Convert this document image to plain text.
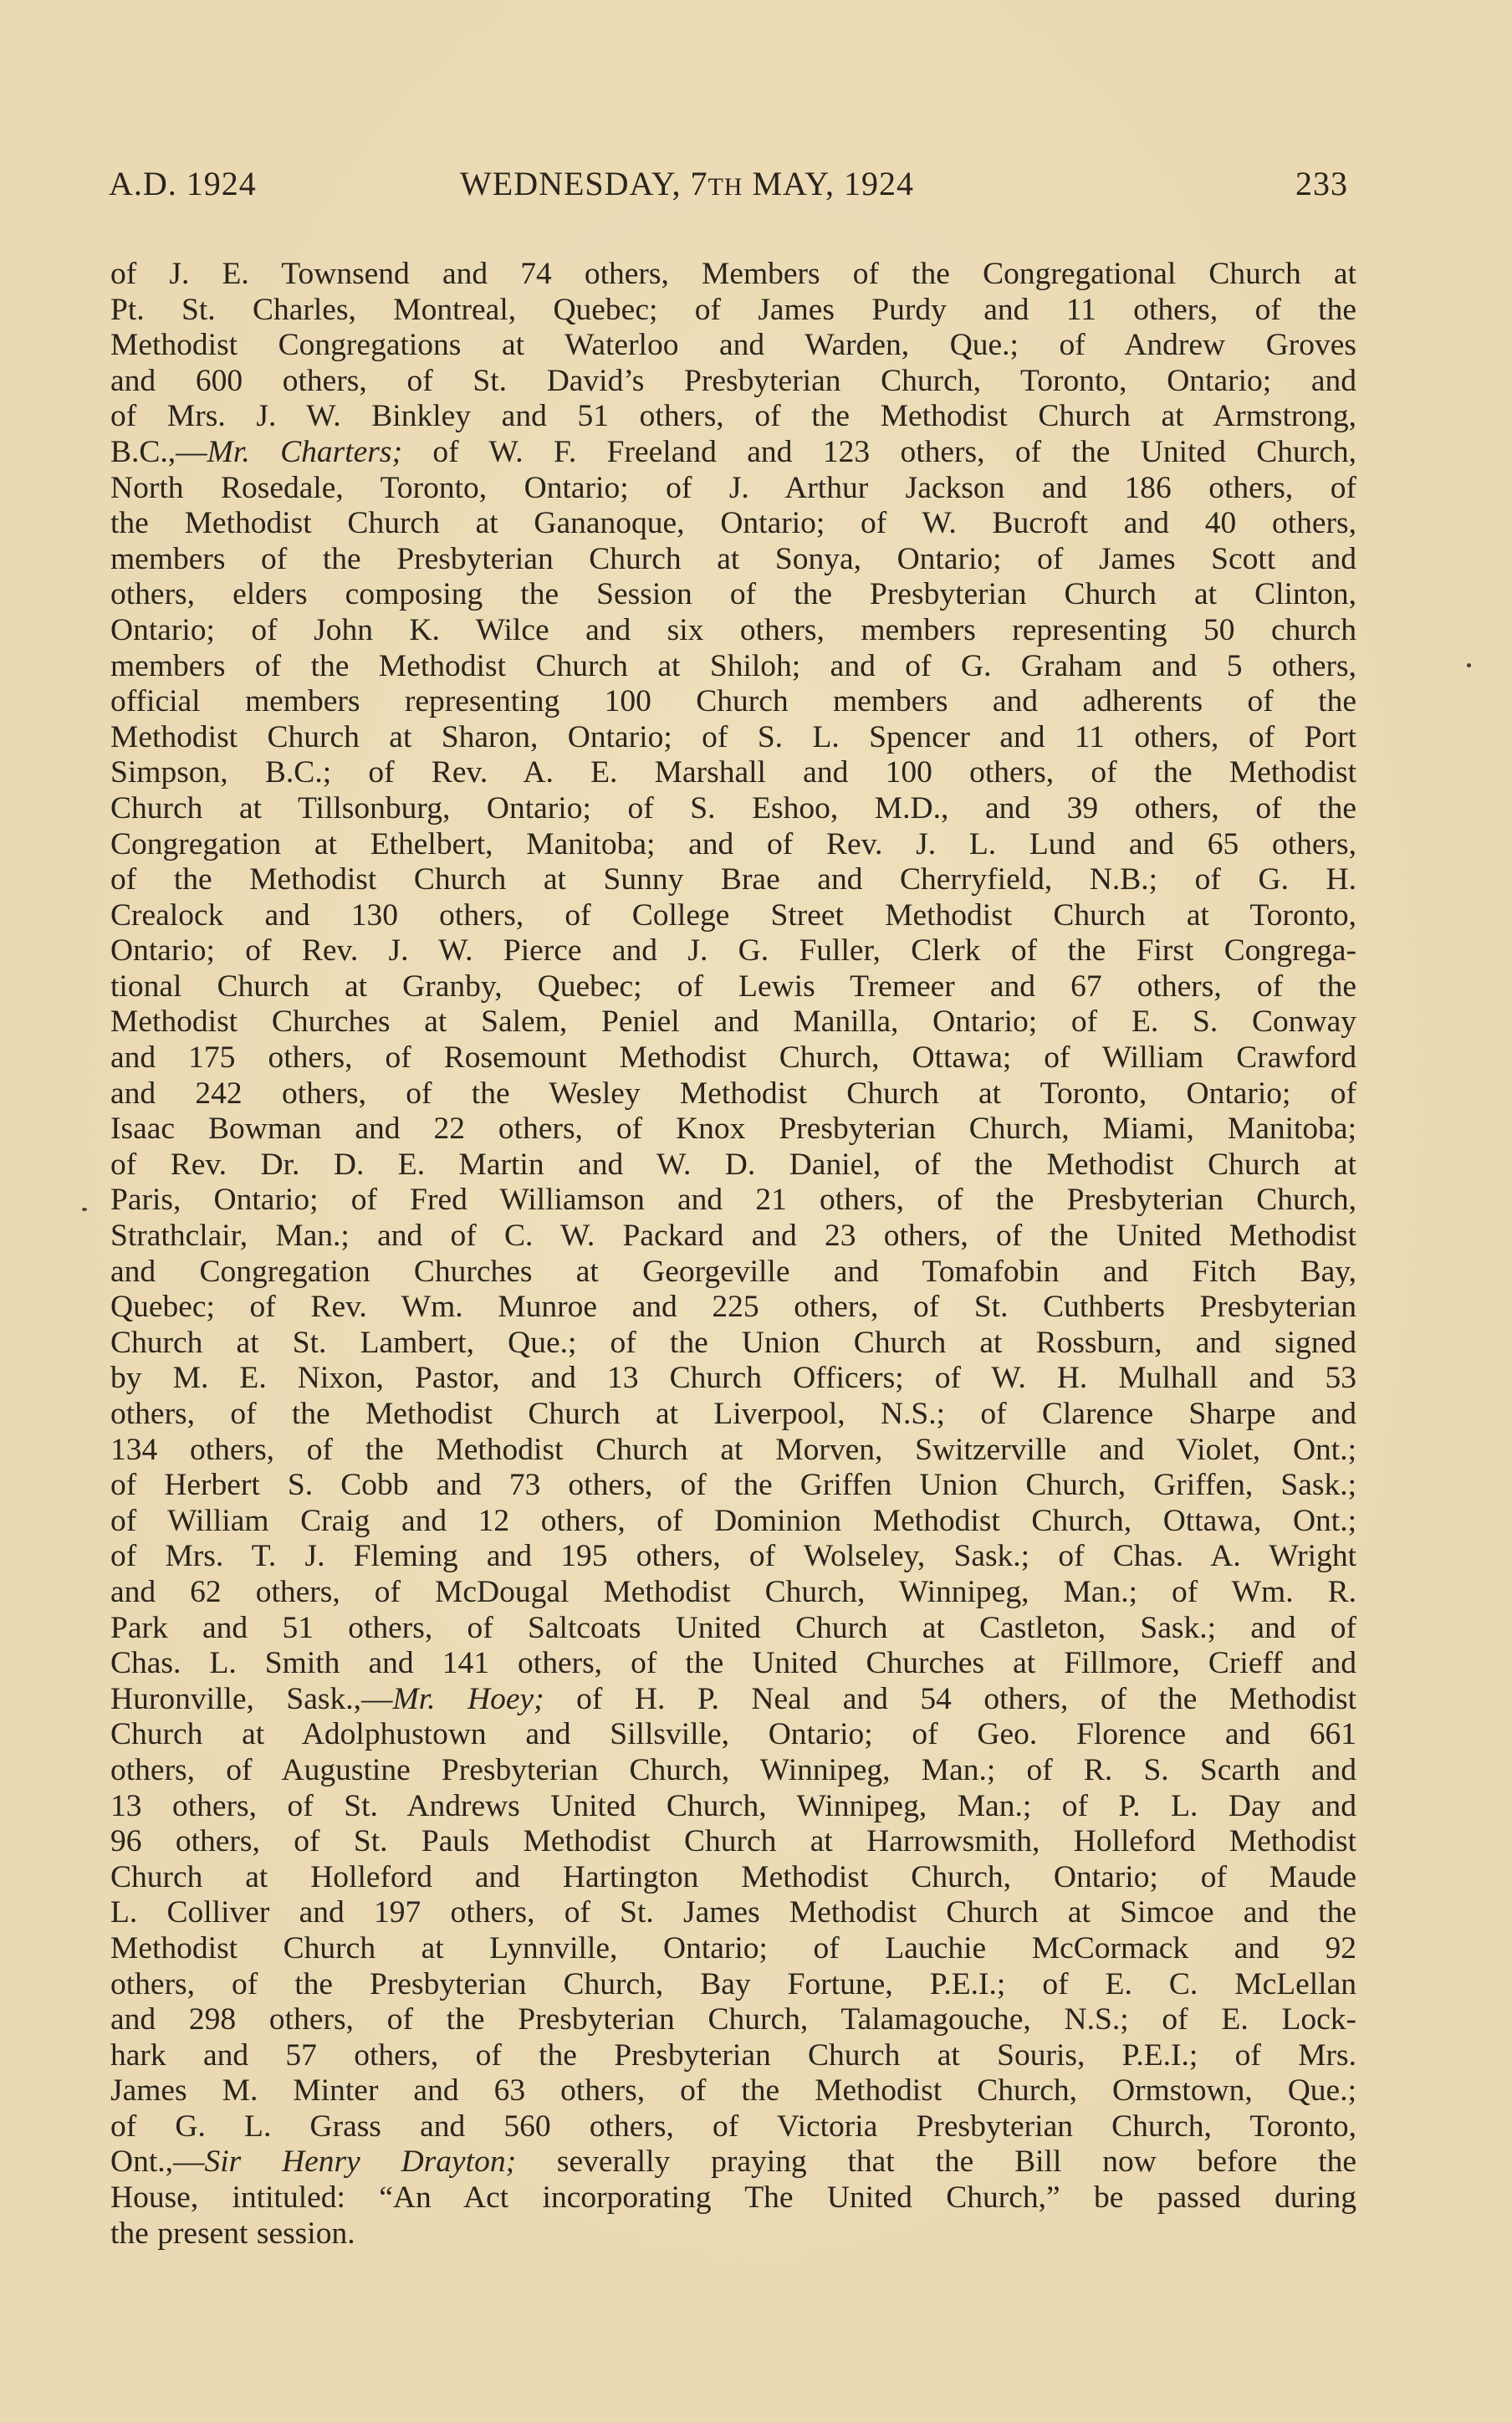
A.D. 1924	WEDNESDAY, 7TH MAY, 1924	233
of J. E. Townsend and 74 others, Members of the Congregational Church at
Pt. St. Charles, Montreal, Quebec; of James Purdy and 11 others, of the
Methodist Congregations at Waterloo and Warden, Que.; of Andrew Groves
and 600 others, of St. David’s Presbyterian Church, Toronto, Ontario; and
of Mrs. J. W. Binkley and 51 others, of the Methodist Church at Armstrong,
B.C.,—Mr. Charters; of W. F. Freeland and 123 others, of the United Church,
North Rosedale, Toronto, Ontario; of J. Arthur Jackson and 186 others, of
the Methodist Church at Gananoque, Ontario; of W. Bucroft and 40 others,
members of the Presbyterian Church at Sonya, Ontario; of James Scott and
others, elders composing the Session of the Presbyterian Church at Clinton,
Ontario; of John K. Wilce and six others, members representing 50 church
members of the Methodist Church at Shiloh; and of G. Graham and 5 others,
official members representing 100 Church members and adherents of the
Methodist Church at Sharon, Ontario; of S. L. Spencer and 11 others, of Port
Simpson, B.C.; of Rev. A. E. Marshall and 100 others, of the Methodist
Church at Tillsonburg, Ontario; of S. Eshoo, M.D., and 39 others, of the
Congregation at Ethelbert, Manitoba; and of Rev. J. L. Lund and 65 others,
of the Methodist Church at Sunny Brae and Cherryfield, N.B.; of G. H.
Crealock and 130 others, of College Street Methodist Church at Toronto,
Ontario; of Rev. J. W. Pierce and J. G. Fuller, Clerk of the First Congrega-
tional Church at Granby, Quebec; of Lewis Tremeer and 67 others, of the
Methodist Churches at Salem, Peniel and Manilla, Ontario; of E. S. Conway
and 175 others, of Rosemount Methodist Church, Ottawa; of William Crawford
and 242 others, of the Wesley Methodist Church at Toronto, Ontario; of
Isaac Bowman and 22 others, of Knox Presbyterian Church, Miami, Manitoba;
of Rev. Dr. D. E. Martin and W. D. Daniel, of the Methodist Church at
Paris, Ontario; of Fred Williamson and 21 others, of the Presbyterian Church,
Strathclair, Man.; and of C. W. Packard and 23 others, of the United Methodist
and Congregation Churches at Georgeville and Tomafobin and Fitch Bay,
Quebec; of Rev. Wm. Munroe and 225 others, of St. Cuthberts Presbyterian
Church at St. Lambert, Que.; of the Union Church at Rossburn, and signed
by M. E. Nixon, Pastor, and 13 Church Officers; of W. H. Mulhall and 53
others, of the Methodist Church at Liverpool, N.S.; of Clarence Sharpe and
134 others, of the Methodist Church at Morven, Switzerville and Violet, Ont.;
of Herbert S. Cobb and 73 others, of the Griffen Union Church, Griffen, Sask.;
of William Craig and 12 others, of Dominion Methodist Church, Ottawa, Ont.;
of Mrs. T. J. Fleming and 195 others, of Wolseley, Sask.; of Chas. A. Wright
and 62 others, of McDougal Methodist Church, Winnipeg, Man.; of Wm. R.
Park and 51 others, of Saltcoats United Church at Castleton, Sask.; and of
Chas. L. Smith and 141 others, of the United Churches at Fillmore, Crieff and
Huronville, Sask.,—Mr. Hoey; of H. P. Neal and 54 others, of the Methodist
Church at Adolphustown and Sillsville, Ontario; of Geo. Florence and 661
others, of Augustine Presbyterian Church, Winnipeg, Man.; of R. S. Scarth and
13 others, of St. Andrews United Church, Winnipeg, Man.; of P. L. Day and
96 others, of St. Pauls Methodist Church at Harrowsmith, Holleford Methodist
Church at Holleford and Hartington Methodist Church, Ontario; of Maude
L. Colliver and 197 others, of St. James Methodist Church at Simcoe and the
Methodist Church at Lynnville, Ontario; of Lauchie McCormack and 92
others, of the Presbyterian Church, Bay Fortune, P.E.I.; of E. C. McLellan
and 298 others, of the Presbyterian Church, Talamagouche, N.S.; of E. Lock-
hark and 57 others, of the Presbyterian Church at Souris, P.E.I.; of Mrs.
James M. Minter and 63 others, of the Methodist Church, Ormstown, Que.;
of G. L. Grass and 560 others, of Victoria Presbyterian Church, Toronto,
Ont.,—Sir Henry Drayton; severally praying that the Bill now before the
House, intituled: “An Act incorporating The United Church,” be passed during
the present session.
